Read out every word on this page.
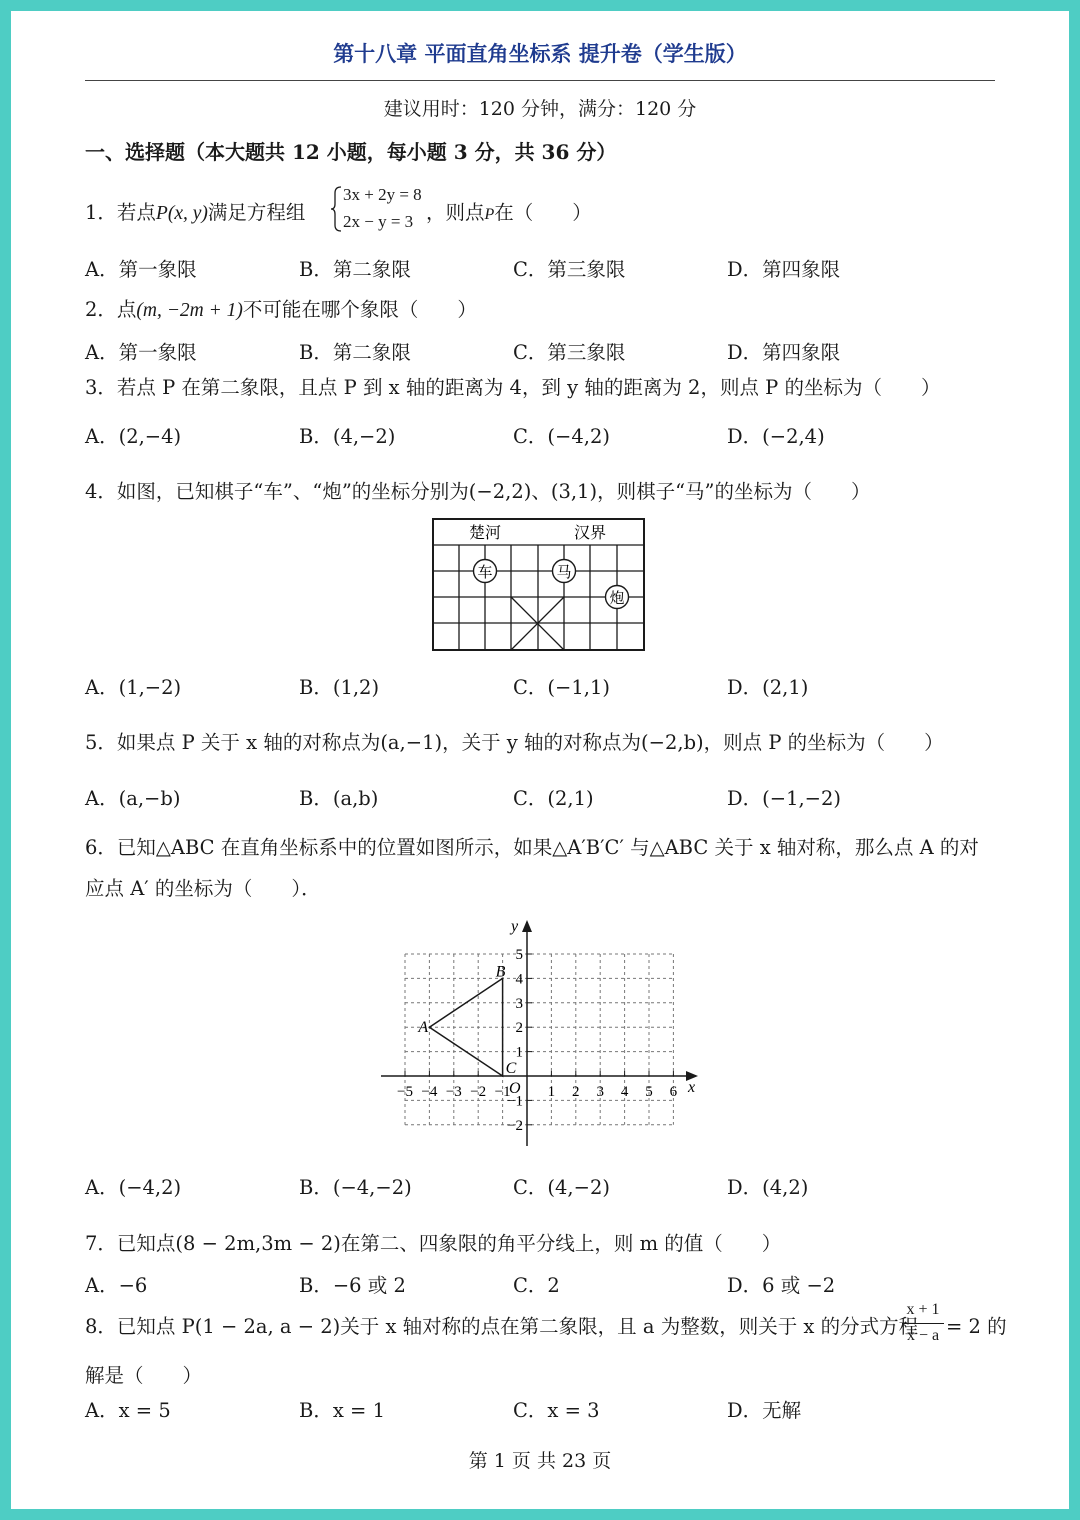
第十八章 平面直角坐标系 提升卷（学生版）
建议用时：120 分钟，满分：120 分
一、选择题（本大题共 12 小题，每小题 3 分，共 36 分）
1．若点P(x, y)满足方程组
3x + 2y = 8
2x − y = 3 ，则点P在（　　）
A．第一象限	B．第二象限	C．第三象限	D．第四象限
2．点(m, −2m + 1)不可能在哪个象限（　　）
A．第一象限	B．第二象限	C．第三象限	D．第四象限
3．若点 P 在第二象限，且点 P 到 x 轴的距离为 4，到 y 轴的距离为 2，则点 P 的坐标为（　　）
A．(2,−4)	B．(4,−2)	C．(−4,2)	D．(−2,4)
4．如图，已知棋子“车”、“炮”的坐标分别为(−2,2)、(3,1)，则棋子“马”的坐标为（　　）
楚河	汉界
车	马
炮
A．(1,−2)	B．(1,2)	C．(−1,1)	D．(2,1)
5．如果点 P 关于 x 轴的对称点为(a,−1)，关于 y 轴的对称点为(−2,b)，则点 P 的坐标为（　　）
A．(a,−b)	B．(a,b)	C．(2,1)	D．(−1,−2)
6．已知△ABC 在直角坐标系中的位置如图所示，如果△A′B′C′ 与△ABC 关于 x 轴对称，那么点 A 的对
应点 A′ 的坐标为（　　）．
−5 −4 −3 −2 −1 1 2 3 4 5 6
5
4
3
2
1
−1
−2
x
y
O
A
B
C
A．(−4,2)	B．(−4,−2)	C．(4,−2)	D．(4,2)
7．已知点(8 − 2m,3m − 2)在第二、四象限的角平分线上，则 m 的值（　　）
A．−6	B．−6 或 2	C．2	D．6 或 −2
8．已知点 P(1 − 2a, a − 2)关于 x 轴对称的点在第二象限，且 a 为整数，则关于 x 的分式方程
x + 1
x − a = 2 的
解是（　　）
A．x = 5	B．x = 1	C．x = 3	D．无解
第 1 页 共 23 页
